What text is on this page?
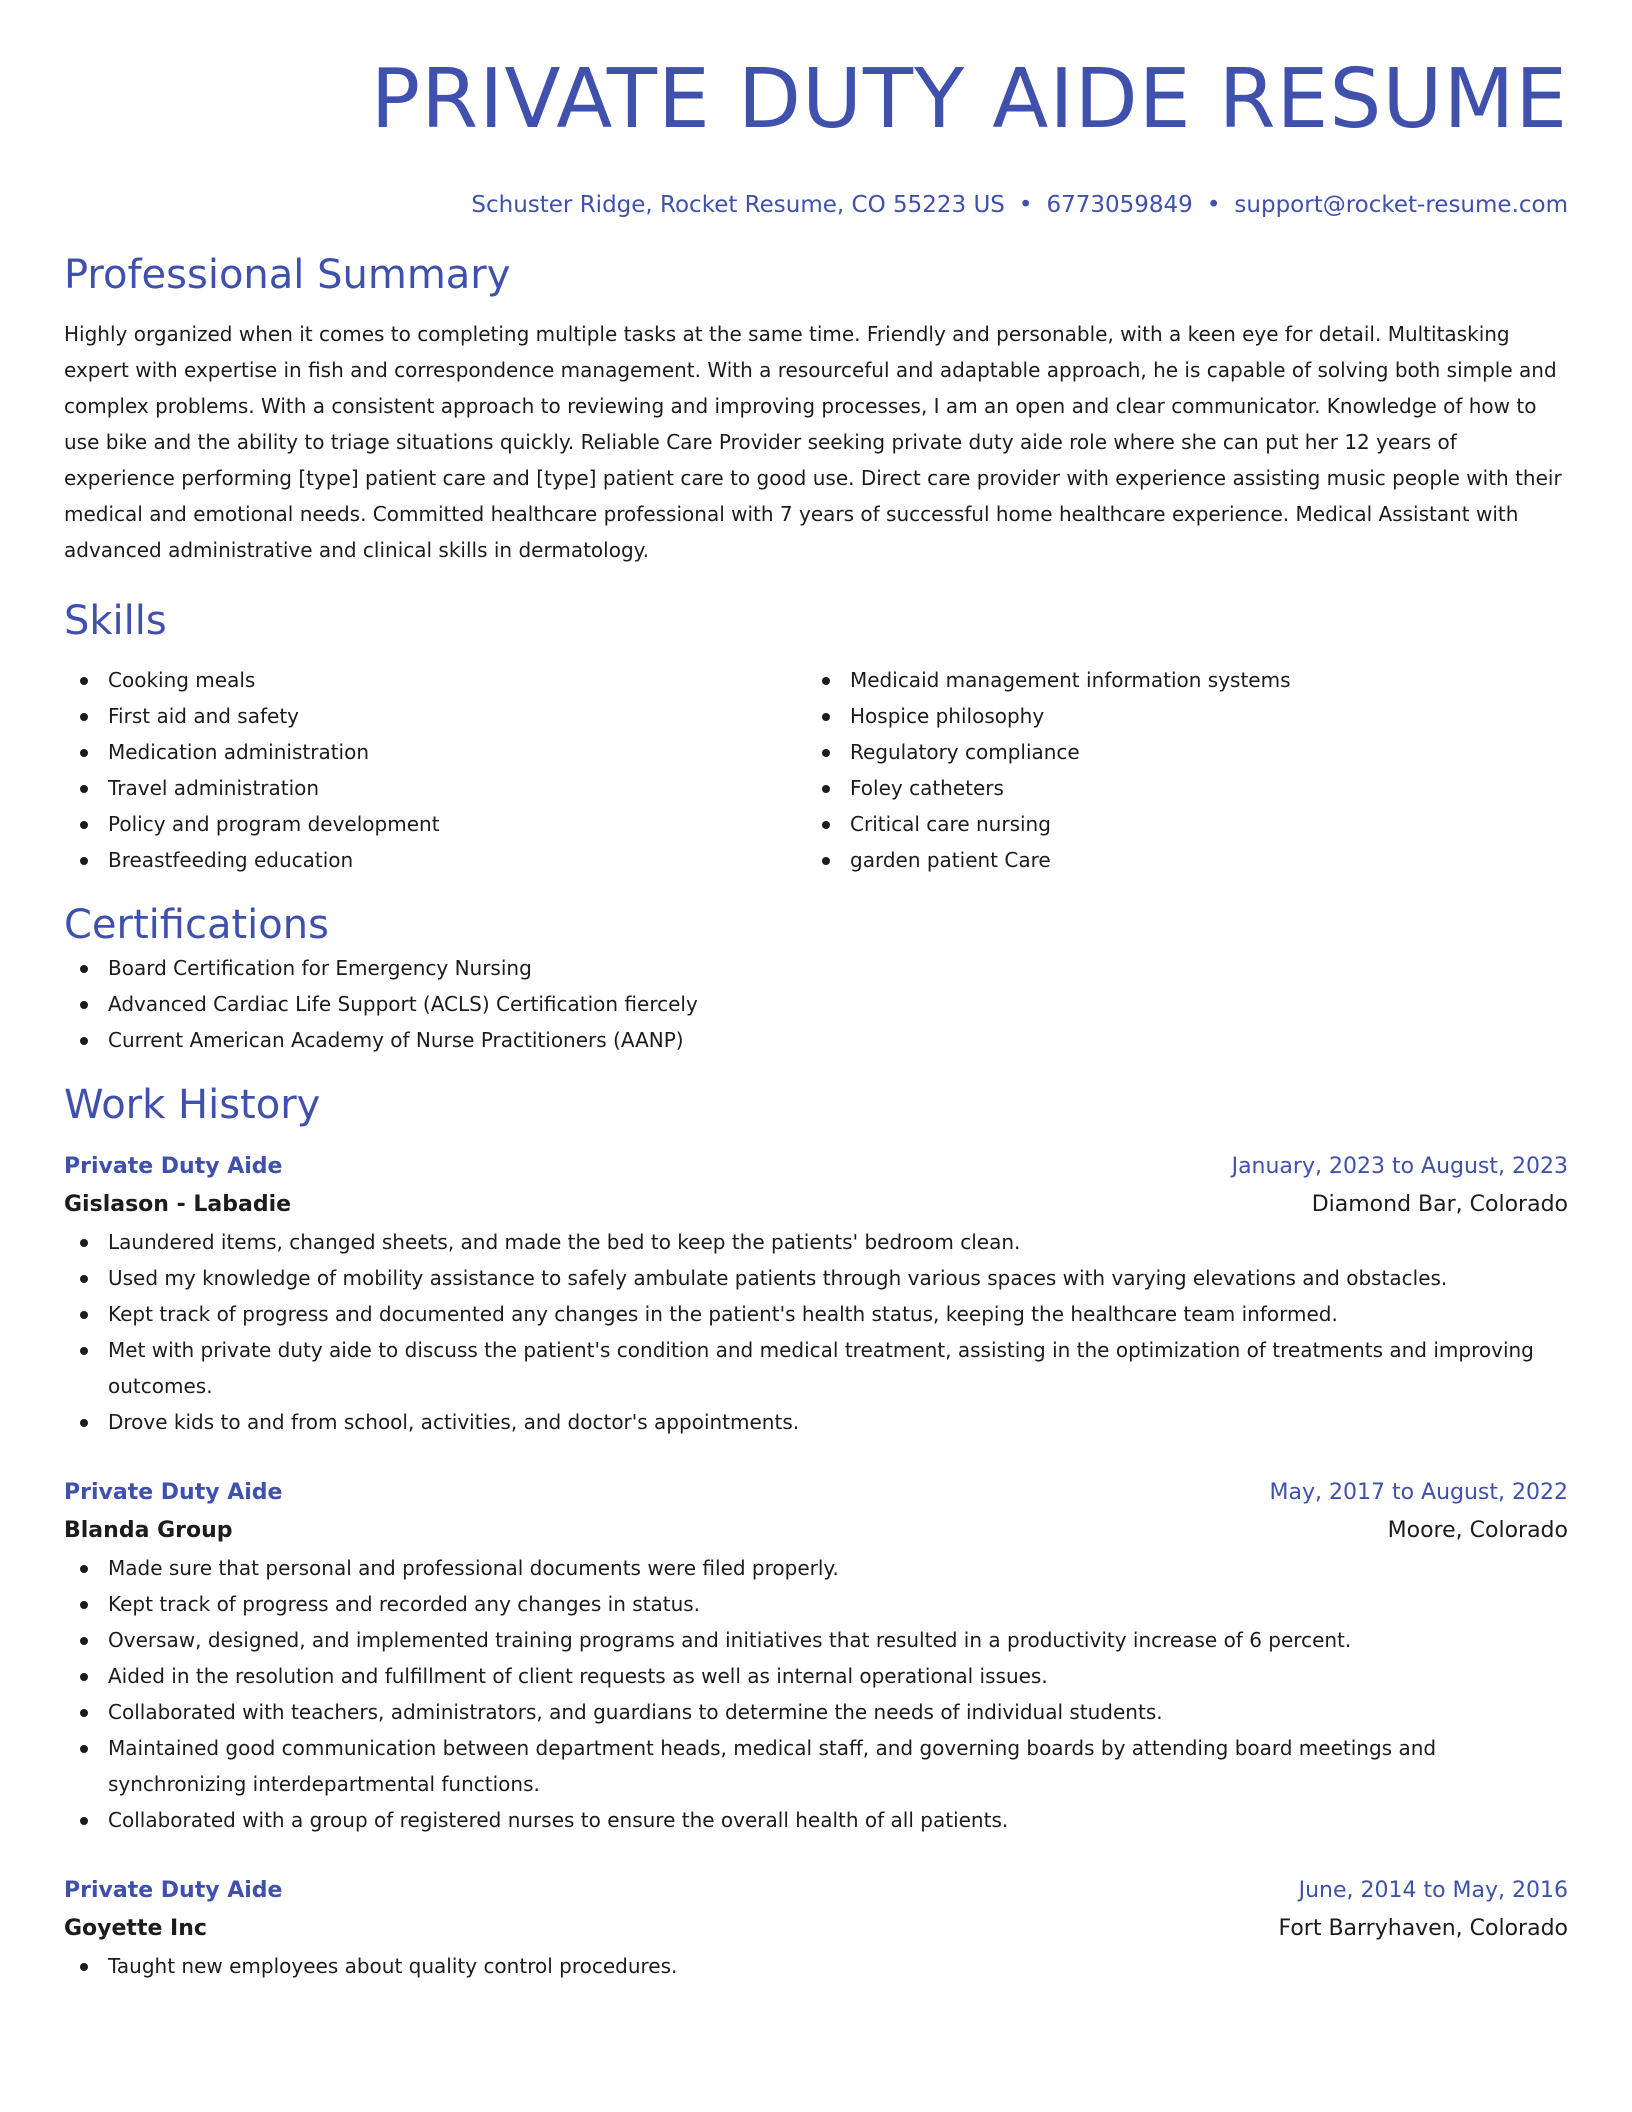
PRIVATE DUTY AIDE RESUME
Schuster Ridge, Rocket Resume, CO 55223 US • 6773059849 • support@rocket-resume.com
Professional Summary
Highly organized when it comes to completing multiple tasks at the same time. Friendly and personable, with a keen eye for detail. Multitasking expert with expertise in fish and correspondence management. With a resourceful and adaptable approach, he is capable of solving both simple and complex problems. With a consistent approach to reviewing and improving processes, I am an open and clear communicator. Knowledge of how to use bike and the ability to triage situations quickly. Reliable Care Provider seeking private duty aide role where she can put her 12 years of experience performing [type] patient care and [type] patient care to good use. Direct care provider with experience assisting music people with their medical and emotional needs. Committed healthcare professional with 7 years of successful home healthcare experience. Medical Assistant with advanced administrative and clinical skills in dermatology.
Skills
Cooking meals
First aid and safety
Medication administration
Travel administration
Policy and program development
Breastfeeding education
Medicaid management information systems
Hospice philosophy
Regulatory compliance
Foley catheters
Critical care nursing
garden patient Care
Certifications
Board Certification for Emergency Nursing
Advanced Cardiac Life Support (ACLS) Certification fiercely
Current American Academy of Nurse Practitioners (AANP)
Work History
Private Duty Aide	January, 2023 to August, 2023
Gislason - Labadie	Diamond Bar, Colorado
Laundered items, changed sheets, and made the bed to keep the patients' bedroom clean.
Used my knowledge of mobility assistance to safely ambulate patients through various spaces with varying elevations and obstacles.
Kept track of progress and documented any changes in the patient's health status, keeping the healthcare team informed.
Met with private duty aide to discuss the patient's condition and medical treatment, assisting in the optimization of treatments and improving outcomes.
Drove kids to and from school, activities, and doctor's appointments.
Private Duty Aide	May, 2017 to August, 2022
Blanda Group	Moore, Colorado
Made sure that personal and professional documents were filed properly.
Kept track of progress and recorded any changes in status.
Oversaw, designed, and implemented training programs and initiatives that resulted in a productivity increase of 6 percent.
Aided in the resolution and fulfillment of client requests as well as internal operational issues.
Collaborated with teachers, administrators, and guardians to determine the needs of individual students.
Maintained good communication between department heads, medical staff, and governing boards by attending board meetings and synchronizing interdepartmental functions.
Collaborated with a group of registered nurses to ensure the overall health of all patients.
Private Duty Aide	June, 2014 to May, 2016
Goyette Inc	Fort Barryhaven, Colorado
Taught new employees about quality control procedures.
